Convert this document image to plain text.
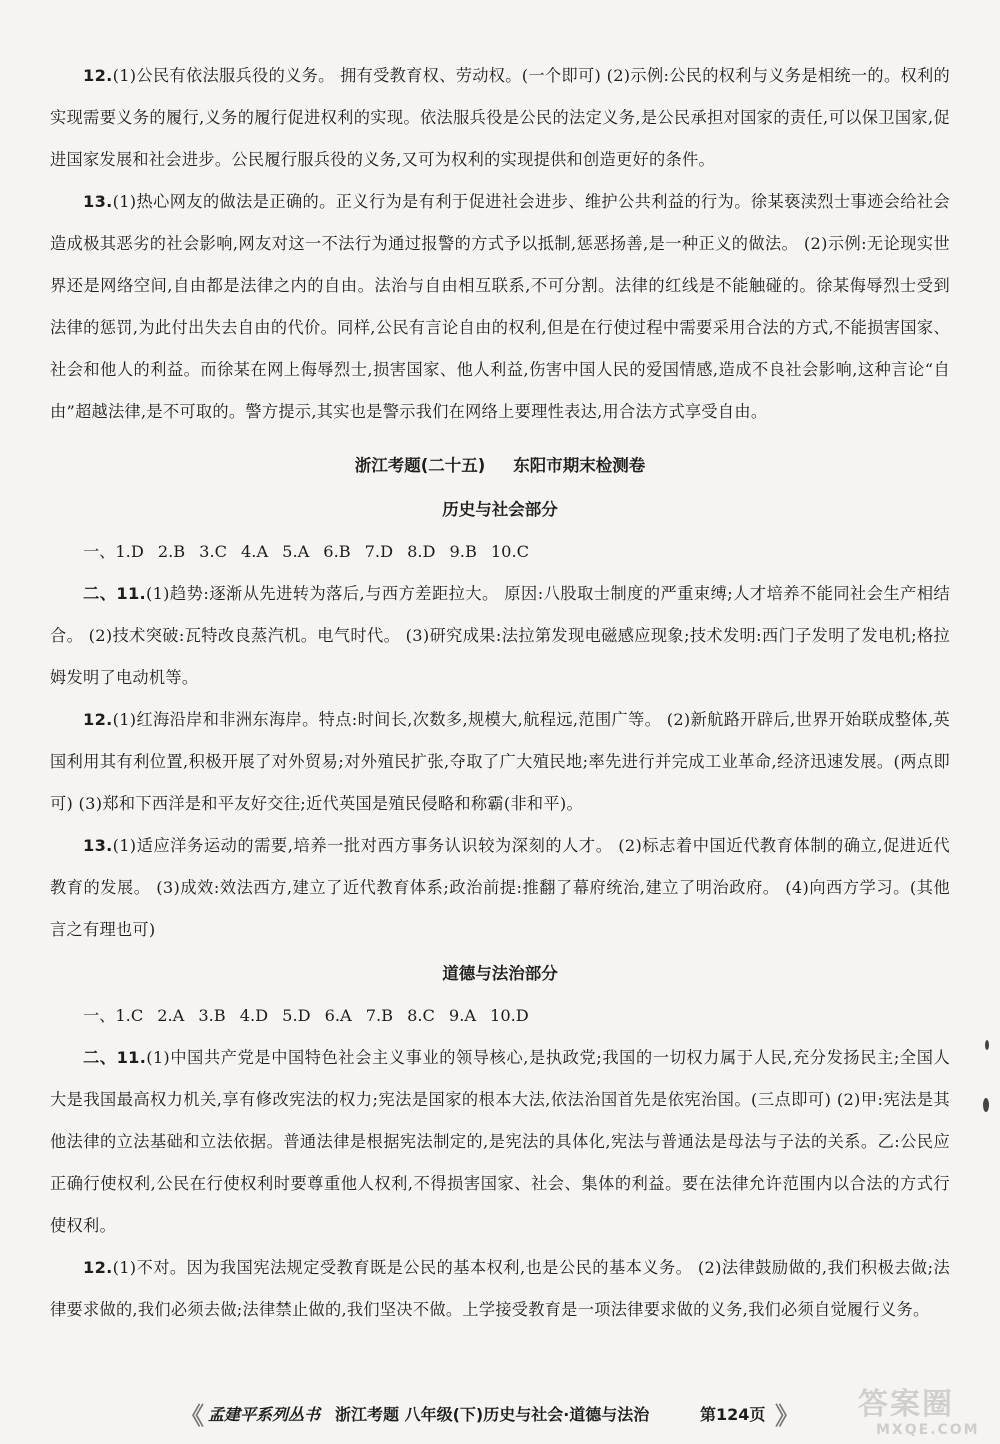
12.(1)公民有依法服兵役的义务。 拥有受教育权、劳动权。(一个即可) (2)示例:公民的权利与义务是相统一的。权利的实现需要义务的履行,义务的履行促进权利的实现。依法服兵役是公民的法定义务,是公民承担对国家的责任,可以保卫国家,促进国家发展和社会进步。公民履行服兵役的义务,又可为权利的实现提供和创造更好的条件。

13.(1)热心网友的做法是正确的。正义行为是有利于促进社会进步、维护公共利益的行为。徐某亵渎烈士事迹会给社会造成极其恶劣的社会影响,网友对这一不法行为通过报警的方式予以抵制,惩恶扬善,是一种正义的做法。 (2)示例:无论现实世界还是网络空间,自由都是法律之内的自由。法治与自由相互联系,不可分割。法律的红线是不能触碰的。徐某侮辱烈士受到法律的惩罚,为此付出失去自由的代价。同样,公民有言论自由的权利,但是在行使过程中需要采用合法的方式,不能损害国家、社会和他人的利益。而徐某在网上侮辱烈士,损害国家、他人利益,伤害中国人民的爱国情感,造成不良社会影响,这种言论“自由”超越法律,是不可取的。警方提示,其实也是警示我们在网络上要理性表达,用合法方式享受自由。

浙江考题(二十五) 东阳市期末检测卷

历史与社会部分

一、1.D 2.B 3.C 4.A 5.A 6.B 7.D 8.D 9.B 10.C

二、11.(1)趋势:逐渐从先进转为落后,与西方差距拉大。 原因:八股取士制度的严重束缚;人才培养不能同社会生产相结合。 (2)技术突破:瓦特改良蒸汽机。电气时代。 (3)研究成果:法拉第发现电磁感应现象;技术发明:西门子发明了发电机;格拉姆发明了电动机等。

12.(1)红海沿岸和非洲东海岸。特点:时间长,次数多,规模大,航程远,范围广等。 (2)新航路开辟后,世界开始联成整体,英国利用其有利位置,积极开展了对外贸易;对外殖民扩张,夺取了广大殖民地;率先进行并完成工业革命,经济迅速发展。(两点即可) (3)郑和下西洋是和平友好交往;近代英国是殖民侵略和称霸(非和平)。

13.(1)适应洋务运动的需要,培养一批对西方事务认识较为深刻的人才。 (2)标志着中国近代教育体制的确立,促进近代教育的发展。 (3)成效:效法西方,建立了近代教育体系;政治前提:推翻了幕府统治,建立了明治政府。 (4)向西方学习。(其他言之有理也可)

道德与法治部分

一、1.C 2.A 3.B 4.D 5.D 6.A 7.B 8.C 9.A 10.D

二、11.(1)中国共产党是中国特色社会主义事业的领导核心,是执政党;我国的一切权力属于人民,充分发扬民主;全国人大是我国最高权力机关,享有修改宪法的权力;宪法是国家的根本大法,依法治国首先是依宪治国。(三点即可) (2)甲:宪法是其他法律的立法基础和立法依据。普通法律是根据宪法制定的,是宪法的具体化,宪法与普通法是母法与子法的关系。乙:公民应正确行使权利,公民在行使权利时要尊重他人权利,不得损害国家、社会、集体的利益。要在法律允许范围内以合法的方式行使权利。

12.(1)不对。因为我国宪法规定受教育既是公民的基本权利,也是公民的基本义务。 (2)法律鼓励做的,我们积极去做;法律要求做的,我们必须去做;法律禁止做的,我们坚决不做。上学接受教育是一项法律要求做的义务,我们必须自觉履行义务。

《 孟建平系列丛书 浙江考题 八年级(下)历史与社会·道德与法治	第124页 》 答案圈
MXQE.COM
